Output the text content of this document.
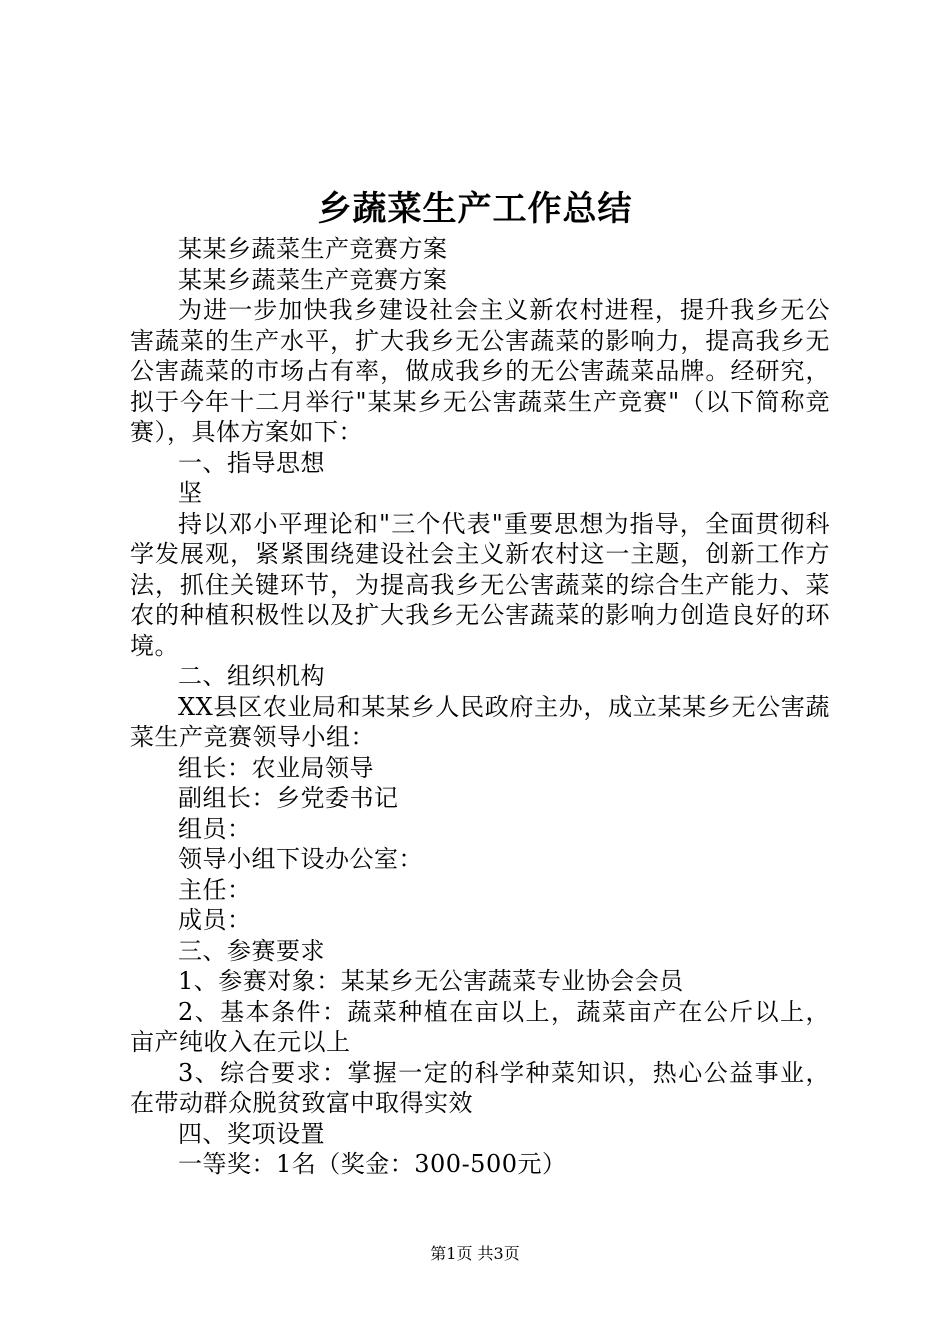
乡蔬菜生产工作总结

某某乡蔬菜生产竞赛方案

某某乡蔬菜生产竞赛方案

为进一步加快我乡建设社会主义新农村进程，提升我乡无公害蔬菜的生产水平，扩大我乡无公害蔬菜的影响力，提高我乡无公害蔬菜的市场占有率，做成我乡的无公害蔬菜品牌。经研究，拟于今年十二月举行"某某乡无公害蔬菜生产竞赛"（以下简称竞赛），具体方案如下：

一、指导思想

坚

持以邓小平理论和"三个代表"重要思想为指导，全面贯彻科学发展观，紧紧围绕建设社会主义新农村这一主题，创新工作方法，抓住关键环节，为提高我乡无公害蔬菜的综合生产能力、菜农的种植积极性以及扩大我乡无公害蔬菜的影响力创造良好的环境。

二、组织机构

XX县区农业局和某某乡人民政府主办，成立某某乡无公害蔬菜生产竞赛领导小组：

组长：农业局领导

副组长：乡党委书记

组员：

领导小组下设办公室：

主任：

成员：

三、参赛要求

1、参赛对象：某某乡无公害蔬菜专业协会会员

2、基本条件：蔬菜种植在亩以上，蔬菜亩产在公斤以上，亩产纯收入在元以上

3、综合要求：掌握一定的科学种菜知识，热心公益事业，在带动群众脱贫致富中取得实效

四、奖项设置

一等奖：1名（奖金：300-500元）

第1页 共3页
